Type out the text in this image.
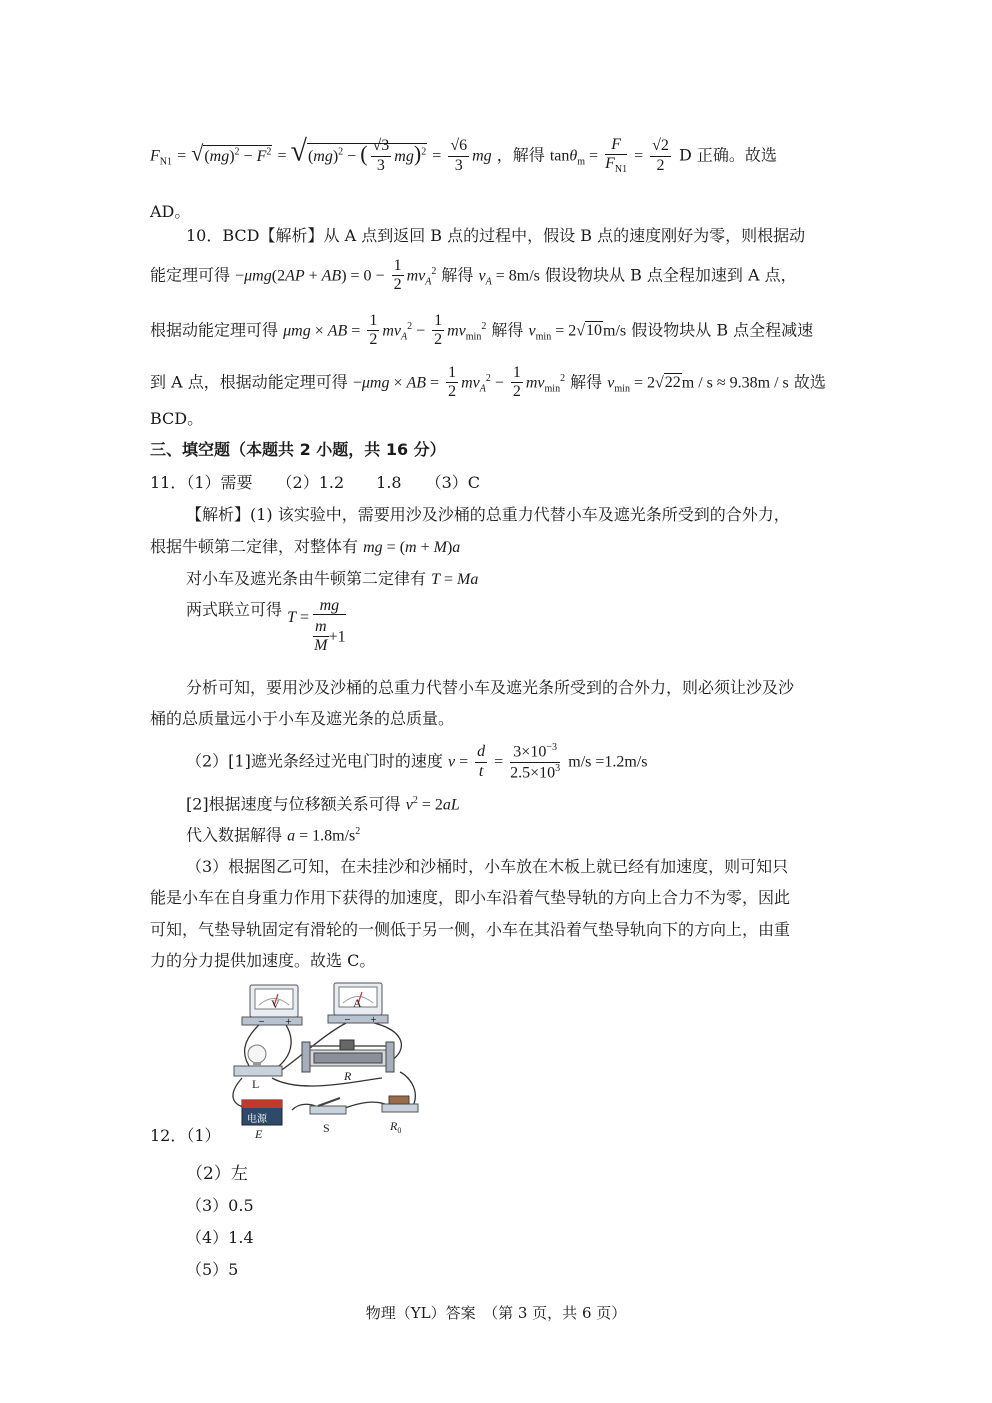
$F_{N1} = √(mg)^2 - F^2 = √(mg)^2$ − ( $\frac{√3}{3} mg)^2 = \frac{√6}{3}$ mg ，解得 $\tan\theta_m = \frac{F}{F_{N1}} = \frac{√2}{2}$ D 正确。故选
AD。
10．BCD【解析】从 A 点到返回 B 点的过程中，假设 B 点的速度刚好为零，则根据动
能定理可得 $-\mu mg(2AP + AB) = 0 - \frac{1}{2} mv_A^2$ 解得 $v_A = 8m/s$ 假设物块从 B 点全程加速到 A 点，
根据动能定理可得 μmg × AB = $\frac{1}{2} mv_A^2 - \frac{1}{2} mv_{min}^2$ 解得 $v_{min} = 2√10m/s$ 假设物块从 B 点全程减速
到 A 点，根据动能定理可得 −μmg × AB = $\frac{1}{2} mv_A^2 - \frac{1}{2} mv_{min}^2$ 解得 $v_{min} = 2√22m / s \approx 9.38m / s$ 故选
BCD。
三、填空题（本题共 2 小题，共 16 分）
11．（1）需要　　（2）1.2　　1.8　　（3）C
【解析】(1) 该实验中，需要用沙及沙桶的总重力代替小车及遮光条所受到的合外力，
根据牛顿第二定律，对整体有 mg = (m + M)a
对小车及遮光条由牛顿第二定律有 T = Ma
两式联立可得 $T = \frac{mg}{\frac{m}{M} +1}$
分析可知，要用沙及沙桶的总重力代替小车及遮光条所受到的合外力，则必须让沙及沙
桶的总质量远小于小车及遮光条的总质量。
（2）[1]遮光条经过光电门时的速度 $v = \frac{d}{t} = \frac{3\times 10^{-3}}{2.5\times 10^3} m/s =1.2m/s$
[2]根据速度与位移额关系可得 $v^2 = 2aL$
代入数据解得 $a = 1.8m/s^2$
（3）根据图乙可知，在未挂沙和沙桶时，小车放在木板上就已经有加速度，则可知只
能是小车在自身重力作用下获得的加速度，即小车沿着气垫导轨的方向上合力不为零，因此
可知，气垫导轨固定有滑轮的一侧低于另一侧，小车在其沿着气垫导轨向下的方向上，由重
力的分力提供加速度。故选 C。
V
−	+
A
− +
L
R
电源
E	S	$R_0$
12．（1）
（2）左
（3）0.5
（4）1.4
（5）5
物理（YL）答案　（第 3 页，共 6 页）
